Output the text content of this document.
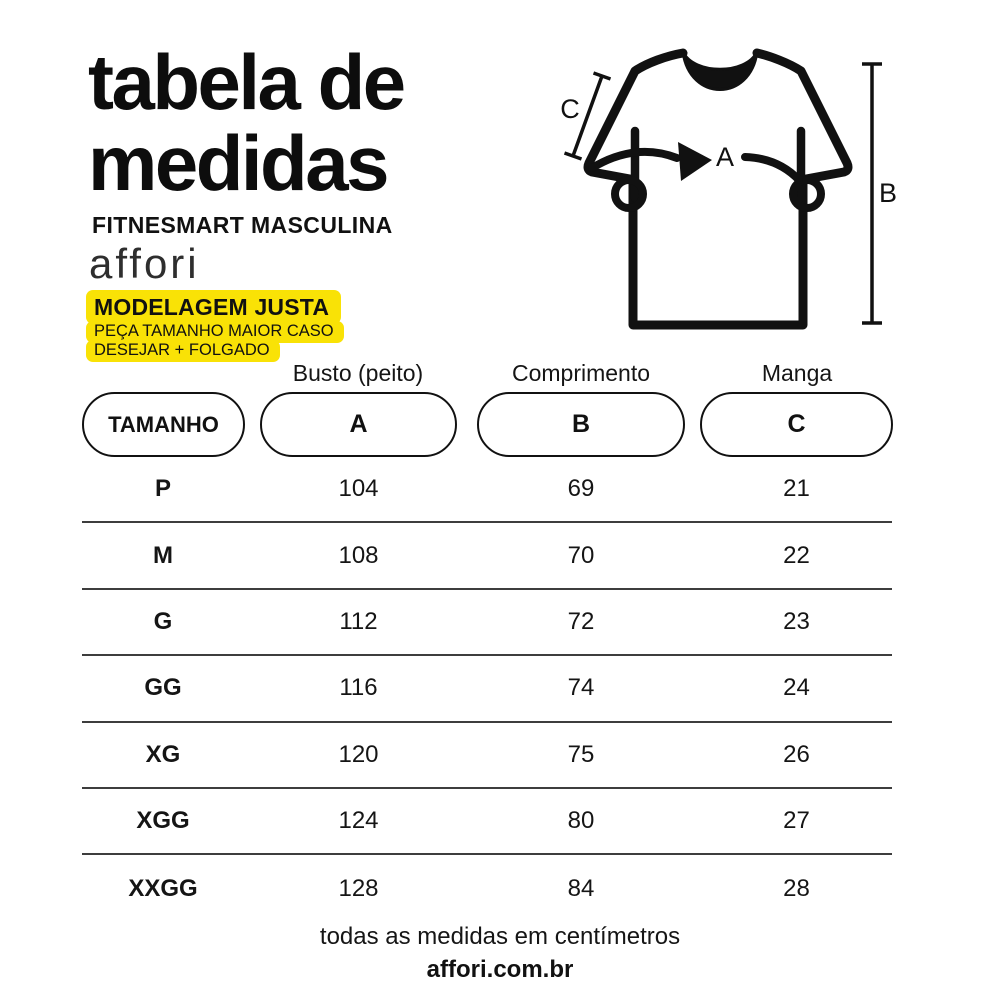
tabela de
medidas
FITNESMART MASCULINA
affori
MODELAGEM JUSTA
PEÇA TAMANHO MAIOR CASO
DESEJAR + FOLGADO
A
C
B
Busto (peito)	Comprimento	Manga
TAMANHO	A	B	C
P	104	69	21
M	108	70	22
G	112	72	23
GG	116	74	24
XG	120	75	26
XGG	124	80	27
XXGG	128	84	28
todas as medidas em centímetros
affori.com.br
